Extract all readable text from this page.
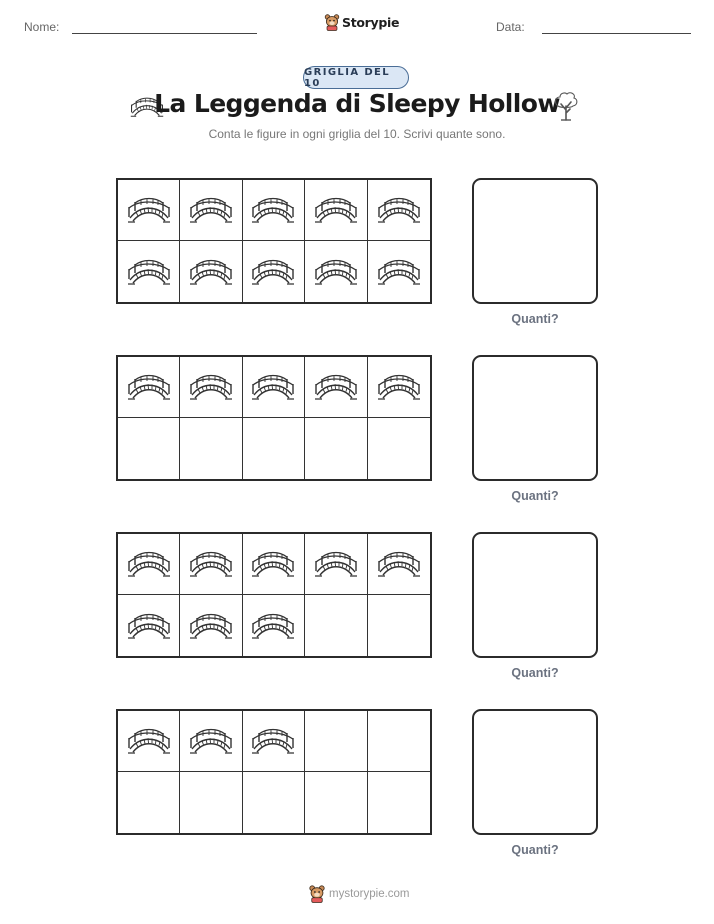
Nome:	Storypie	Data:
GRIGLIA DEL 10
La Leggenda di Sleepy Hollow
Conta le figure in ogni griglia del 10. Scrivi quante sono.
Quanti?
Quanti?
Quanti?
Quanti?
mystorypie.com
